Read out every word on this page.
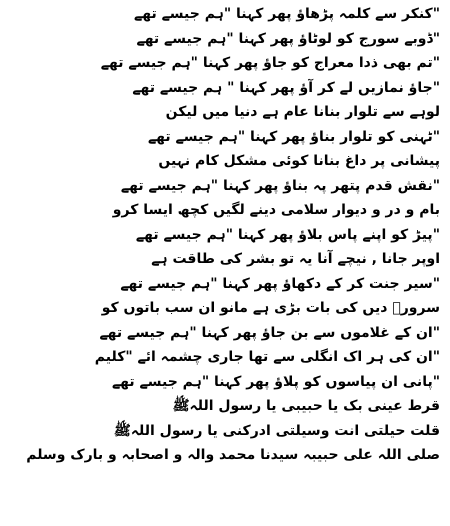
"کنکر سے کلمہ پڑھاؤ پھر کہنا "ہم جیسے تھے
"ڈوبے سورج کو لوٹاؤ پھر کہنا "ہم جیسے تھے
"تم بھی ذدا معراج کو جاؤ پھر کہنا "ہم جیسے تھے
"جاؤ نمازیں لے کر آؤ پھر کہنا " ہم جیسے تھے
لوہے سے تلوار بنانا عام ہے دنیا میں لیکن
"ٹہنی کو تلوار بناؤ پھر کہنا "ہم جیسے تھے
پیشانی پر داغ بنانا کوئی مشکل کام نہیں
"نقش قدم پتھر پہ بناؤ پھر کہنا "ہم جیسے تھے
بام و در و دیوار سلامی دینے لگیں کچھ ایسا کرو
"پیڑ کو اپنے پاس بلاؤ پھر کہنا "ہم جیسے تھے
اوپر جانا , نیچے آنا یہ تو بشر کی طاقت ہے
"سیر جنت کر کے دکھاؤ پھر کہنا "ہم جیسے تھے
سرورؐ دیں کی بات بڑی ہے مانو ان سب باتوں کو
"ان کے غلاموں سے بن جاؤ پھر کہنا "ہم جیسے تھے
"ان کی ہر اک انگلی سے تھا جاری چشمہ ائے "کلیم
"پانی ان پیاسوں کو پلاؤ پھر کہنا "ہم جیسے تھے
قرط عینی بک یا حبیبی یا رسول اللہﷺ
قلت حیلتی انت وسیلتی ادرکنی یا رسول اللہﷺ
صلی اللہ علی حبیبہ سیدنا محمد والہ و اصحابہ و بارک وسلم
